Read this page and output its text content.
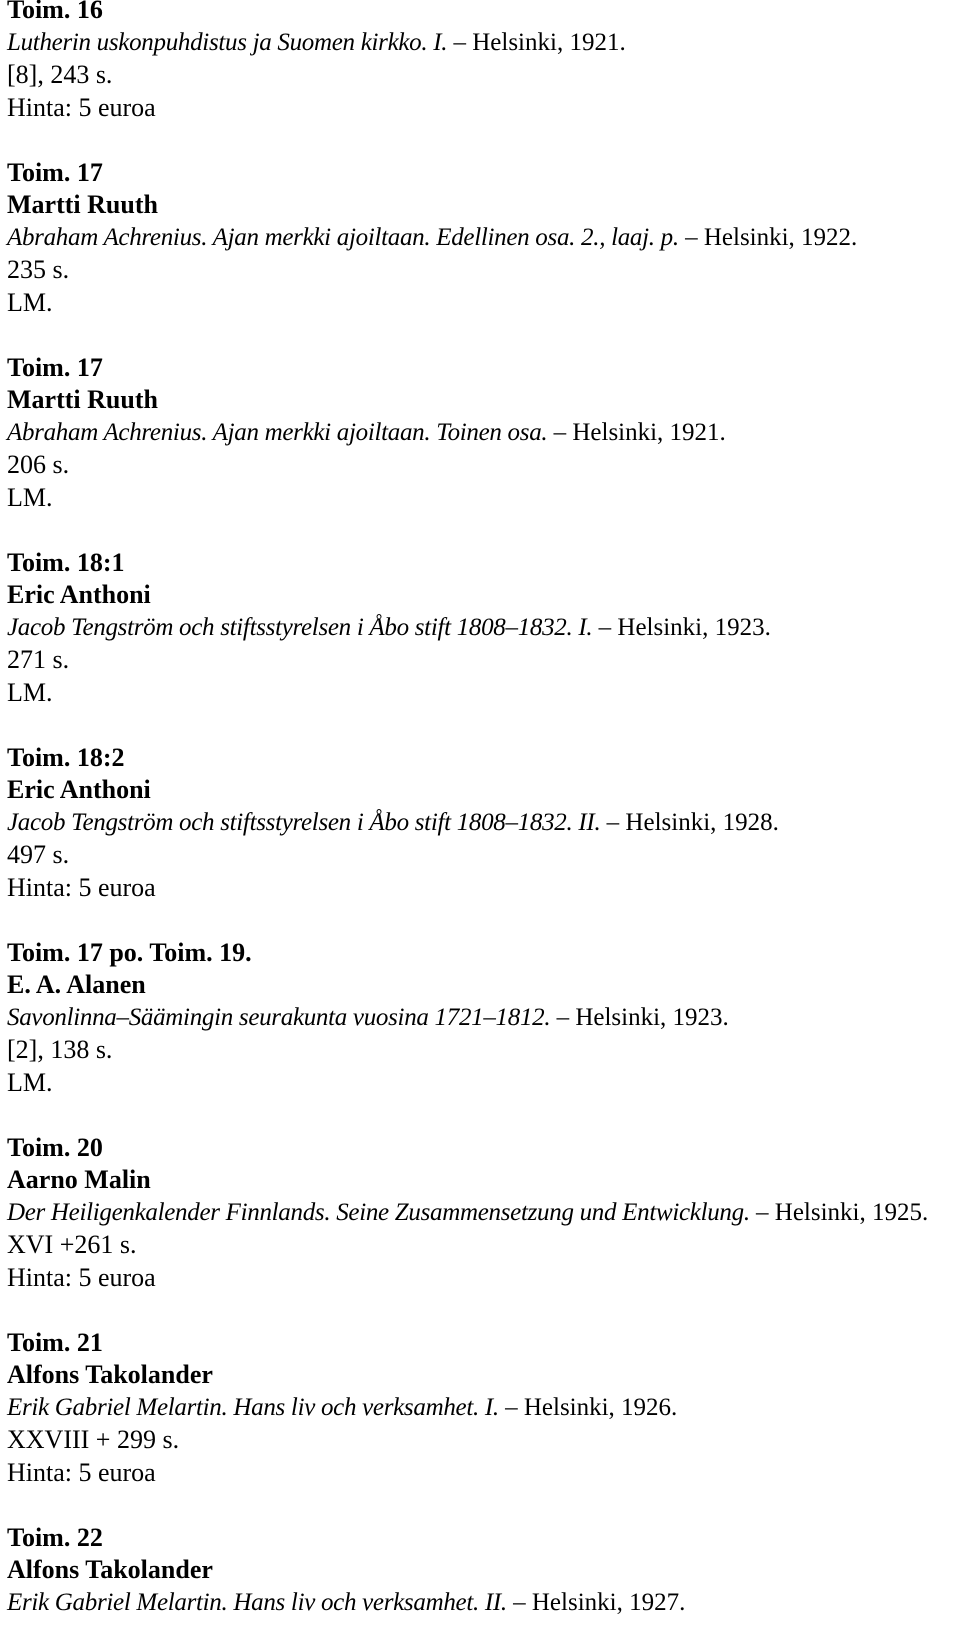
Toim. 16
Lutherin uskonpuhdistus ja Suomen kirkko. I. – Helsinki, 1921.
[8], 243 s.
Hinta: 5 euroa
Toim. 17
Martti Ruuth
Abraham Achrenius. Ajan merkki ajoiltaan. Edellinen osa. 2., laaj. p. – Helsinki, 1922.
235 s.
LM.
Toim. 17
Martti Ruuth
Abraham Achrenius. Ajan merkki ajoiltaan. Toinen osa. – Helsinki, 1921.
206 s.
LM.
Toim. 18:1
Eric Anthoni
Jacob Tengström och stiftsstyrelsen i Åbo stift 1808–1832. I. – Helsinki, 1923.
271 s.
LM.
Toim. 18:2
Eric Anthoni
Jacob Tengström och stiftsstyrelsen i Åbo stift 1808–1832. II. – Helsinki, 1928.
497 s.
Hinta: 5 euroa
Toim. 17 po. Toim. 19.
E. A. Alanen
Savonlinna–Säämingin seurakunta vuosina 1721–1812. – Helsinki, 1923.
[2], 138 s.
LM.
Toim. 20
Aarno Malin
Der Heiligenkalender Finnlands. Seine Zusammensetzung und Entwicklung. – Helsinki, 1925.
XVI +261 s.
Hinta: 5 euroa
Toim. 21
Alfons Takolander
Erik Gabriel Melartin. Hans liv och verksamhet. I. – Helsinki, 1926.
XXVIII + 299 s.
Hinta: 5 euroa
Toim. 22
Alfons Takolander
Erik Gabriel Melartin. Hans liv och verksamhet. II. – Helsinki, 1927.
